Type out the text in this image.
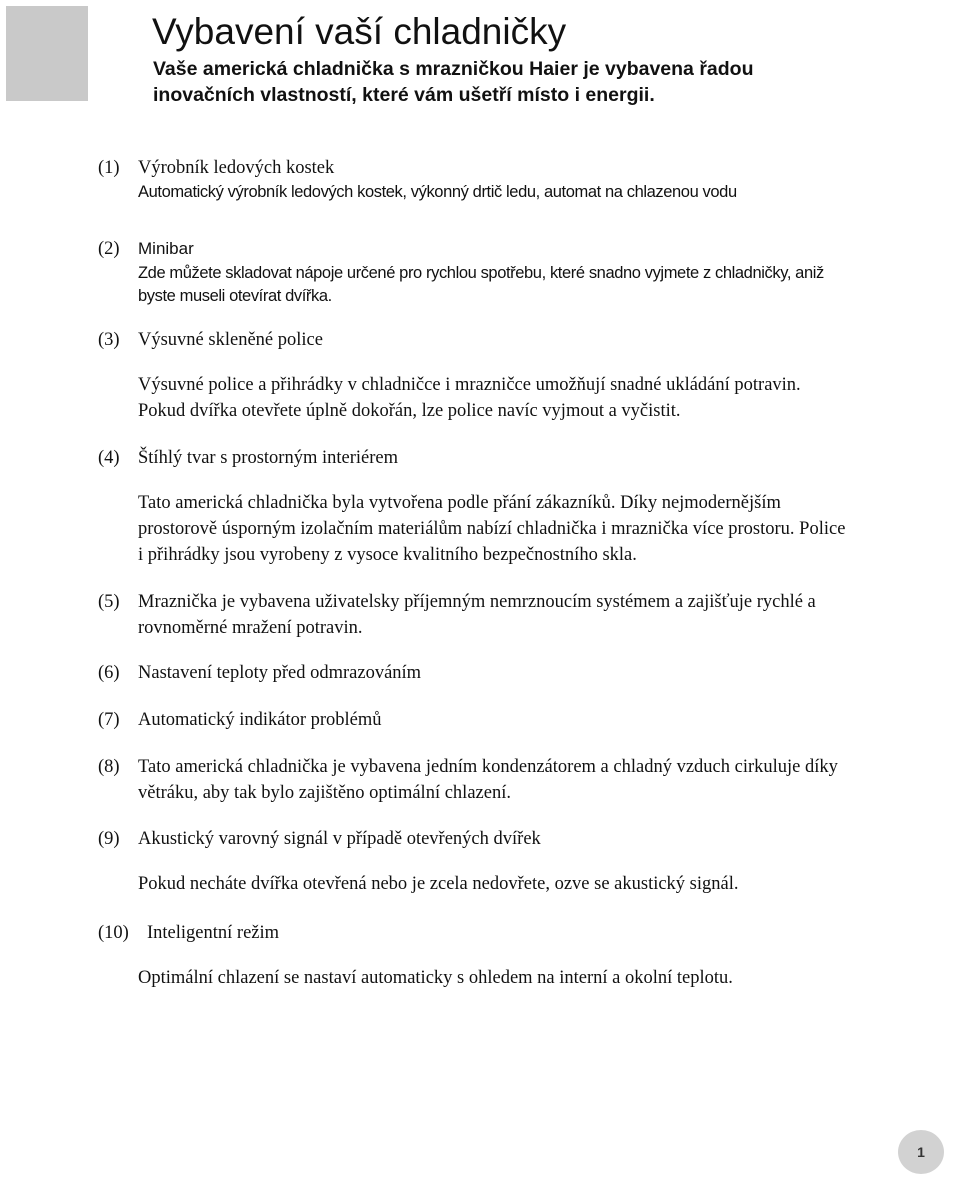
Vybavení vaší chladničky
Vaše americká chladnička s mrazničkou Haier je vybavena řadou
inovačních vlastností, které vám ušetří místo i energii.
(1) Výrobník ledových kostek
Automatický výrobník ledových kostek, výkonný drtič ledu, automat na chlazenou vodu
(2) Minibar
Zde můžete skladovat nápoje určené pro rychlou spotřebu, které snadno vyjmete z chladničky, aniž
byste museli otevírat dvířka.
(3) Výsuvné skleněné police
Výsuvné police a přihrádky v chladničce i mrazničce umožňují snadné ukládání potravin.
Pokud dvířka otevřete úplně dokořán, lze police navíc vyjmout a vyčistit.
(4) Štíhlý tvar s prostorným interiérem
Tato americká chladnička byla vytvořena podle přání zákazníků. Díky nejmodernějším
prostorově úsporným izolačním materiálům nabízí chladnička i mraznička více prostoru. Police
i přihrádky jsou vyrobeny z vysoce kvalitního bezpečnostního skla.
(5) Mraznička je vybavena uživatelsky příjemným nemrznoucím systémem a zajišťuje rychlé a
rovnoměrné mražení potravin.
(6) Nastavení teploty před odmrazováním
(7) Automatický indikátor problémů
(8) Tato americká chladnička je vybavena jedním kondenzátorem a chladný vzduch cirkuluje díky
větráku, aby tak bylo zajištěno optimální chlazení.
(9) Akustický varovný signál v případě otevřených dvířek
Pokud necháte dvířka otevřená nebo je zcela nedovřete, ozve se akustický signál.
(10) Inteligentní režim
Optimální chlazení se nastaví automaticky s ohledem na interní a okolní teplotu.
1
